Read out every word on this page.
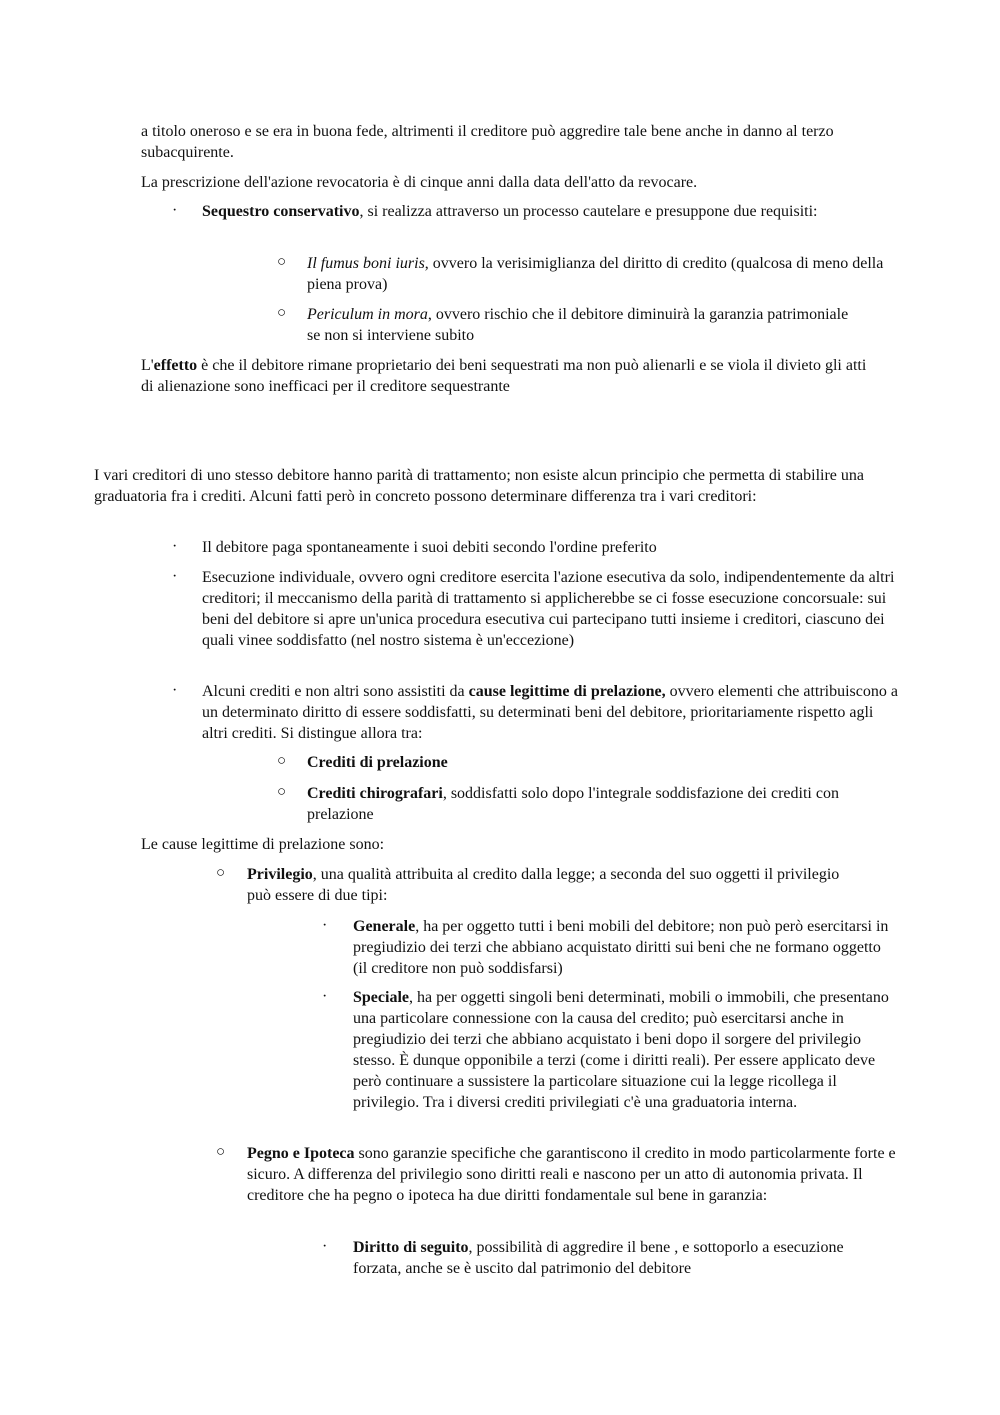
a titolo oneroso e se era in buona fede, altrimenti il creditore può aggredire tale bene anche in danno al terzo subacquirente.

La prescrizione dell'azione revocatoria è di cinque anni dalla data dell'atto da revocare.

· Sequestro conservativo, si realizza attraverso un processo cautelare e presuppone due requisiti:

○ Il fumus boni iuris, ovvero la verisimiglianza del diritto di credito (qualcosa di meno della piena prova)

○ Periculum in mora, ovvero rischio che il debitore diminuirà la garanzia patrimoniale se non si interviene subito

L'effetto è che il debitore rimane proprietario dei beni sequestrati ma non può alienarli e se viola il divieto gli atti di alienazione sono inefficaci per il creditore sequestrante

I vari creditori di uno stesso debitore hanno parità di trattamento; non esiste alcun principio che permetta di stabilire una graduatoria fra i crediti. Alcuni fatti però in concreto possono determinare differenza tra i vari creditori:

· Il debitore paga spontaneamente i suoi debiti secondo l'ordine preferito

· Esecuzione individuale, ovvero ogni creditore esercita l'azione esecutiva da solo, indipendentemente da altri creditori; il meccanismo della parità di trattamento si applicherebbe se ci fosse esecuzione concorsuale: sui beni del debitore si apre un'unica procedura esecutiva cui partecipano tutti insieme i creditori, ciascuno dei quali vinee soddisfatto (nel nostro sistema è un'eccezione)

· Alcuni crediti e non altri sono assistiti da cause legittime di prelazione, ovvero elementi che attribuiscono a un determinato diritto di essere soddisfatti, su determinati beni del debitore, prioritariamente rispetto agli altri crediti. Si distingue allora tra:

○ Crediti di prelazione

○ Crediti chirografari, soddisfatti solo dopo l'integrale soddisfazione dei crediti con prelazione

Le cause legittime di prelazione sono:

○ Privilegio, una qualità attribuita al credito dalla legge; a seconda del suo oggetti il privilegio può essere di due tipi:

· Generale, ha per oggetto tutti i beni mobili del debitore; non può però esercitarsi in pregiudizio dei terzi che abbiano acquistato diritti sui beni che ne formano oggetto (il creditore non può soddisfarsi)

· Speciale, ha per oggetti singoli beni determinati, mobili o immobili, che presentano una particolare connessione con la causa del credito; può esercitarsi anche in pregiudizio dei terzi che abbiano acquistato i beni dopo il sorgere del privilegio stesso. È dunque opponibile a terzi (come i diritti reali). Per essere applicato deve però continuare a sussistere la particolare situazione cui la legge ricollega il privilegio. Tra i diversi crediti privilegiati c'è una graduatoria interna.

○ Pegno e Ipoteca sono garanzie specifiche che garantiscono il credito in modo particolarmente forte e sicuro. A differenza del privilegio sono diritti reali e nascono per un atto di autonomia privata. Il creditore che ha pegno o ipoteca ha due diritti fondamentale sul bene in garanzia:

· Diritto di seguito, possibilità di aggredire il bene , e sottoporlo a esecuzione forzata, anche se è uscito dal patrimonio del debitore
